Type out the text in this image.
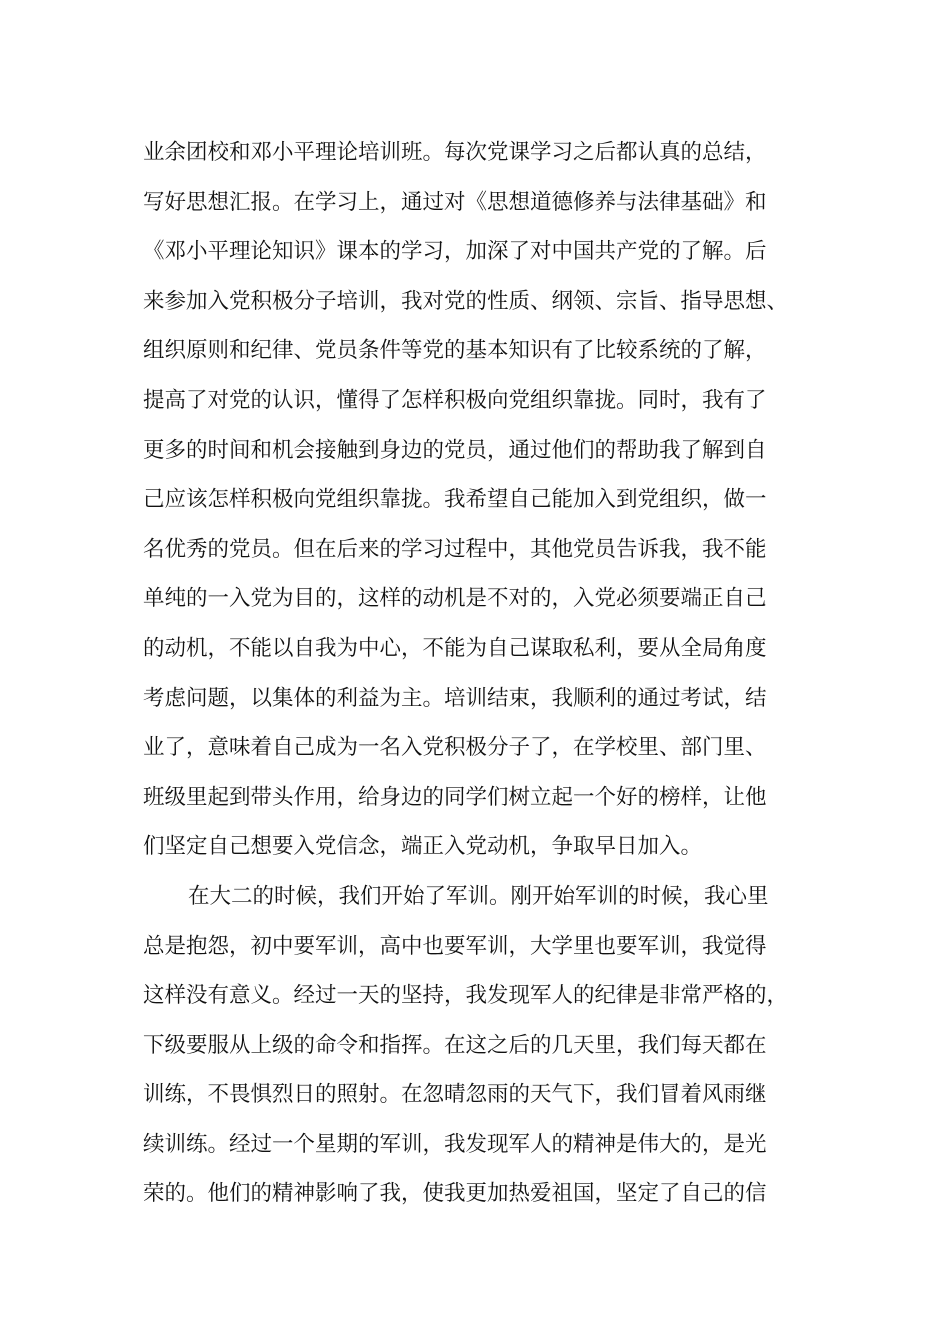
业余团校和邓小平理论培训班。每次党课学习之后都认真的总结，
写好思想汇报。在学习上，通过对《思想道德修养与法律基础》和
《邓小平理论知识》课本的学习，加深了对中国共产党的了解。后
来参加入党积极分子培训，我对党的性质、纲领、宗旨、指导思想、
组织原则和纪律、党员条件等党的基本知识有了比较系统的了解，
提高了对党的认识，懂得了怎样积极向党组织靠拢。同时，我有了
更多的时间和机会接触到身边的党员，通过他们的帮助我了解到自
己应该怎样积极向党组织靠拢。我希望自己能加入到党组织，做一
名优秀的党员。但在后来的学习过程中，其他党员告诉我，我不能
单纯的一入党为目的，这样的动机是不对的，入党必须要端正自己
的动机，不能以自我为中心，不能为自己谋取私利，要从全局角度
考虑问题，以集体的利益为主。培训结束，我顺利的通过考试，结
业了，意味着自己成为一名入党积极分子了，在学校里、部门里、
班级里起到带头作用，给身边的同学们树立起一个好的榜样，让他
们坚定自己想要入党信念，端正入党动机，争取早日加入。
在大二的时候，我们开始了军训。刚开始军训的时候，我心里
总是抱怨，初中要军训，高中也要军训，大学里也要军训，我觉得
这样没有意义。经过一天的坚持，我发现军人的纪律是非常严格的，
下级要服从上级的命令和指挥。在这之后的几天里，我们每天都在
训练，不畏惧烈日的照射。在忽晴忽雨的天气下，我们冒着风雨继
续训练。经过一个星期的军训，我发现军人的精神是伟大的，是光
荣的。他们的精神影响了我，使我更加热爱祖国，坚定了自己的信
